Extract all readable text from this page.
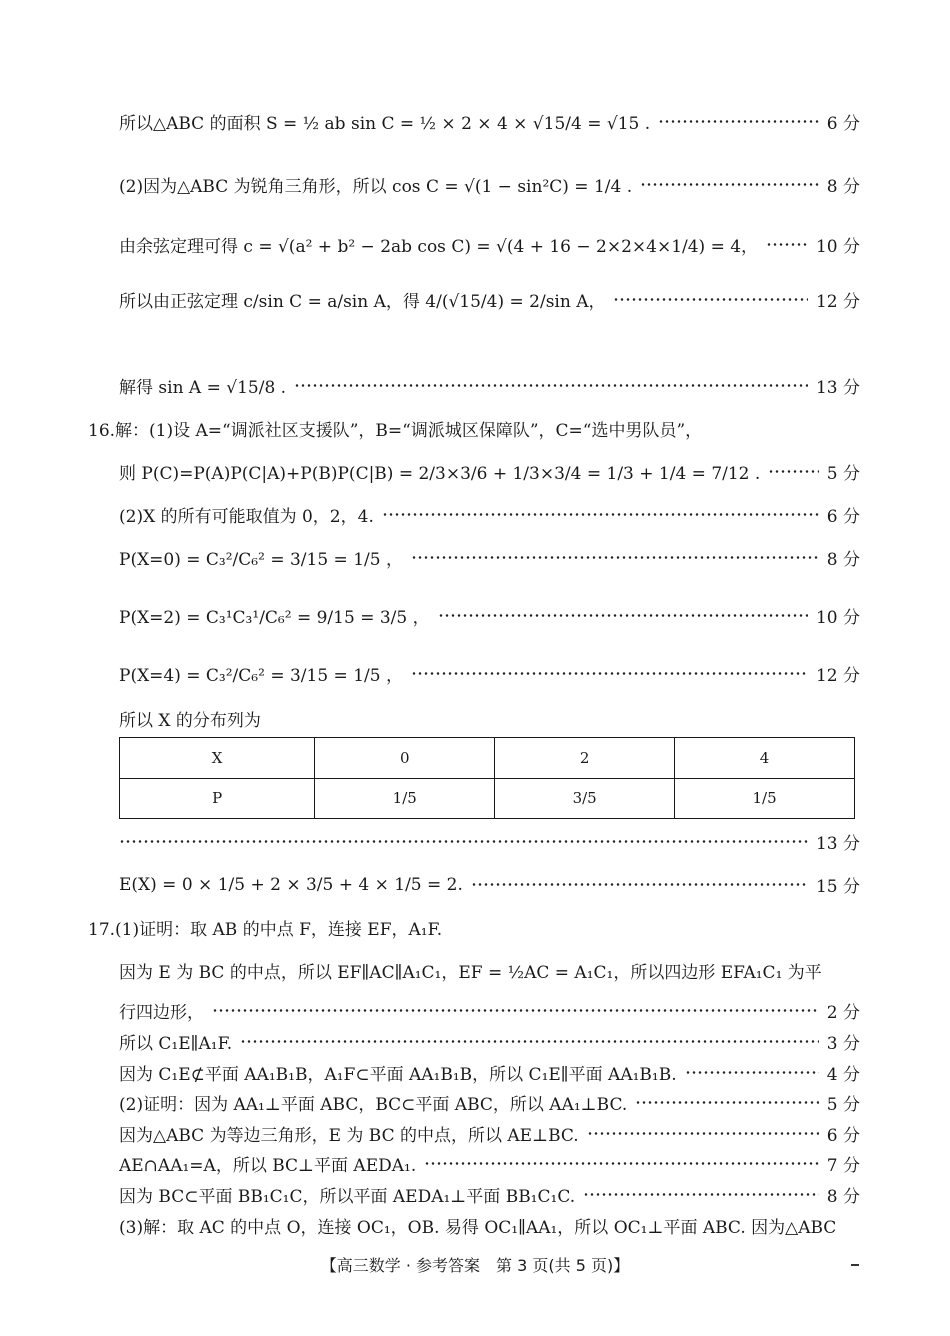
所以△ABC 的面积 S = ½ ab sin C = ½ × 2 × 4 × √15/4 = √15 .	6 分
(2)因为△ABC 为锐角三角形，所以 cos C = √(1 − sin²C) = 1/4 .	8 分
由余弦定理可得 c = √(a² + b² − 2ab cos C) = √(4 + 16 − 2×2×4×1/4) = 4，	10 分
所以由正弦定理 c/sin C = a/sin A，得 4/(√15/4) = 2/sin A，	12 分
解得 sin A = √15/8 .	13 分
16.解：(1)设 A=“调派社区支援队”，B=“调派城区保障队”，C=“选中男队员”，
则 P(C)=P(A)P(C|A)+P(B)P(C|B) = 2/3×3/6 + 1/3×3/4 = 1/3 + 1/4 = 7/12 .	5 分
(2)X 的所有可能取值为 0，2，4.	6 分
P(X=0) = C₃²/C₆² = 3/15 = 1/5 ，	8 分
P(X=2) = C₃¹C₃¹/C₆² = 9/15 = 3/5 ，	10 分
P(X=4) = C₃²/C₆² = 3/15 = 1/5 ，	12 分
所以 X 的分布列为
X	0	2	4
P	1/5	3/5	1/5
13 分
E(X) = 0 × 1/5 + 2 × 3/5 + 4 × 1/5 = 2.	15 分
17.(1)证明：取 AB 的中点 F，连接 EF，A₁F.
因为 E 为 BC 的中点，所以 EF∥AC∥A₁C₁，EF = ½AC = A₁C₁，所以四边形 EFA₁C₁ 为平
行四边形，	2 分
所以 C₁E∥A₁F.	3 分
因为 C₁E⊄平面 AA₁B₁B，A₁F⊂平面 AA₁B₁B，所以 C₁E∥平面 AA₁B₁B.	4 分
(2)证明：因为 AA₁⊥平面 ABC，BC⊂平面 ABC，所以 AA₁⊥BC.	5 分
因为△ABC 为等边三角形，E 为 BC 的中点，所以 AE⊥BC.	6 分
AE∩AA₁=A，所以 BC⊥平面 AEDA₁.	7 分
因为 BC⊂平面 BB₁C₁C，所以平面 AEDA₁⊥平面 BB₁C₁C.	8 分
(3)解：取 AC 的中点 O，连接 OC₁，OB. 易得 OC₁∥AA₁，所以 OC₁⊥平面 ABC. 因为△ABC
【高三数学 · 参考答案　第 3 页(共 5 页)】
